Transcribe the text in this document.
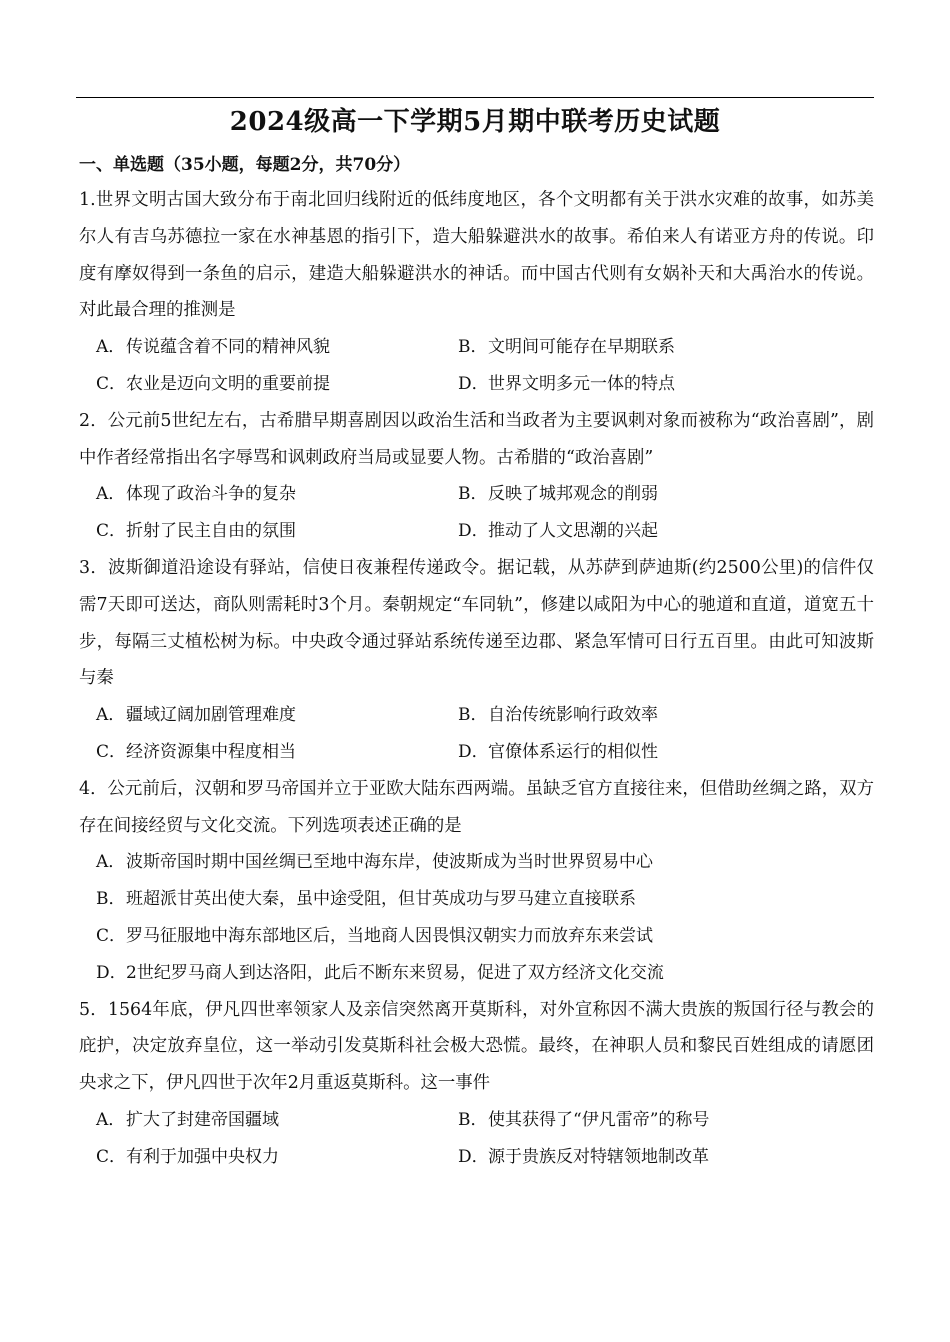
2024级高一下学期5月期中联考历史试题
一、单选题（35小题，每题2分，共70分）

1.世界文明古国大致分布于南北回归线附近的低纬度地区，各个文明都有关于洪水灾难的故事，如苏美尔人有吉乌苏德拉一家在水神基恩的指引下，造大船躲避洪水的故事。希伯来人有诺亚方舟的传说。印度有摩奴得到一条鱼的启示，建造大船躲避洪水的神话。而中国古代则有女娲补天和大禹治水的传说。对此最合理的推测是

A．传说蕴含着不同的精神风貌	B．文明间可能存在早期联系
C．农业是迈向文明的重要前提	D．世界文明多元一体的特点

2．公元前5世纪左右，古希腊早期喜剧因以政治生活和当政者为主要讽刺对象而被称为“政治喜剧”，剧中作者经常指出名字辱骂和讽刺政府当局或显要人物。古希腊的“政治喜剧”

A．体现了政治斗争的复杂	B．反映了城邦观念的削弱
C．折射了民主自由的氛围	D．推动了人文思潮的兴起

3．波斯御道沿途设有驿站，信使日夜兼程传递政令。据记载，从苏萨到萨迪斯(约2500公里)的信件仅需7天即可送达，商队则需耗时3个月。秦朝规定“车同轨”，修建以咸阳为中心的驰道和直道，道宽五十步，每隔三丈植松树为标。中央政令通过驿站系统传递至边郡、紧急军情可日行五百里。由此可知波斯与秦

A．疆域辽阔加剧管理难度	B．自治传统影响行政效率
C．经济资源集中程度相当	D．官僚体系运行的相似性

4．公元前后，汉朝和罗马帝国并立于亚欧大陆东西两端。虽缺乏官方直接往来，但借助丝绸之路，双方存在间接经贸与文化交流。下列选项表述正确的是

A．波斯帝国时期中国丝绸已至地中海东岸，使波斯成为当时世界贸易中心
B．班超派甘英出使大秦，虽中途受阻，但甘英成功与罗马建立直接联系
C．罗马征服地中海东部地区后，当地商人因畏惧汉朝实力而放弃东来尝试
D．2世纪罗马商人到达洛阳，此后不断东来贸易，促进了双方经济文化交流

5．1564年底，伊凡四世率领家人及亲信突然离开莫斯科，对外宣称因不满大贵族的叛国行径与教会的庇护，决定放弃皇位，这一举动引发莫斯科社会极大恐慌。最终，在神职人员和黎民百姓组成的请愿团央求之下，伊凡四世于次年2月重返莫斯科。这一事件

A．扩大了封建帝国疆域	B．使其获得了“伊凡雷帝”的称号
C．有利于加强中央权力	D．源于贵族反对特辖领地制改革
